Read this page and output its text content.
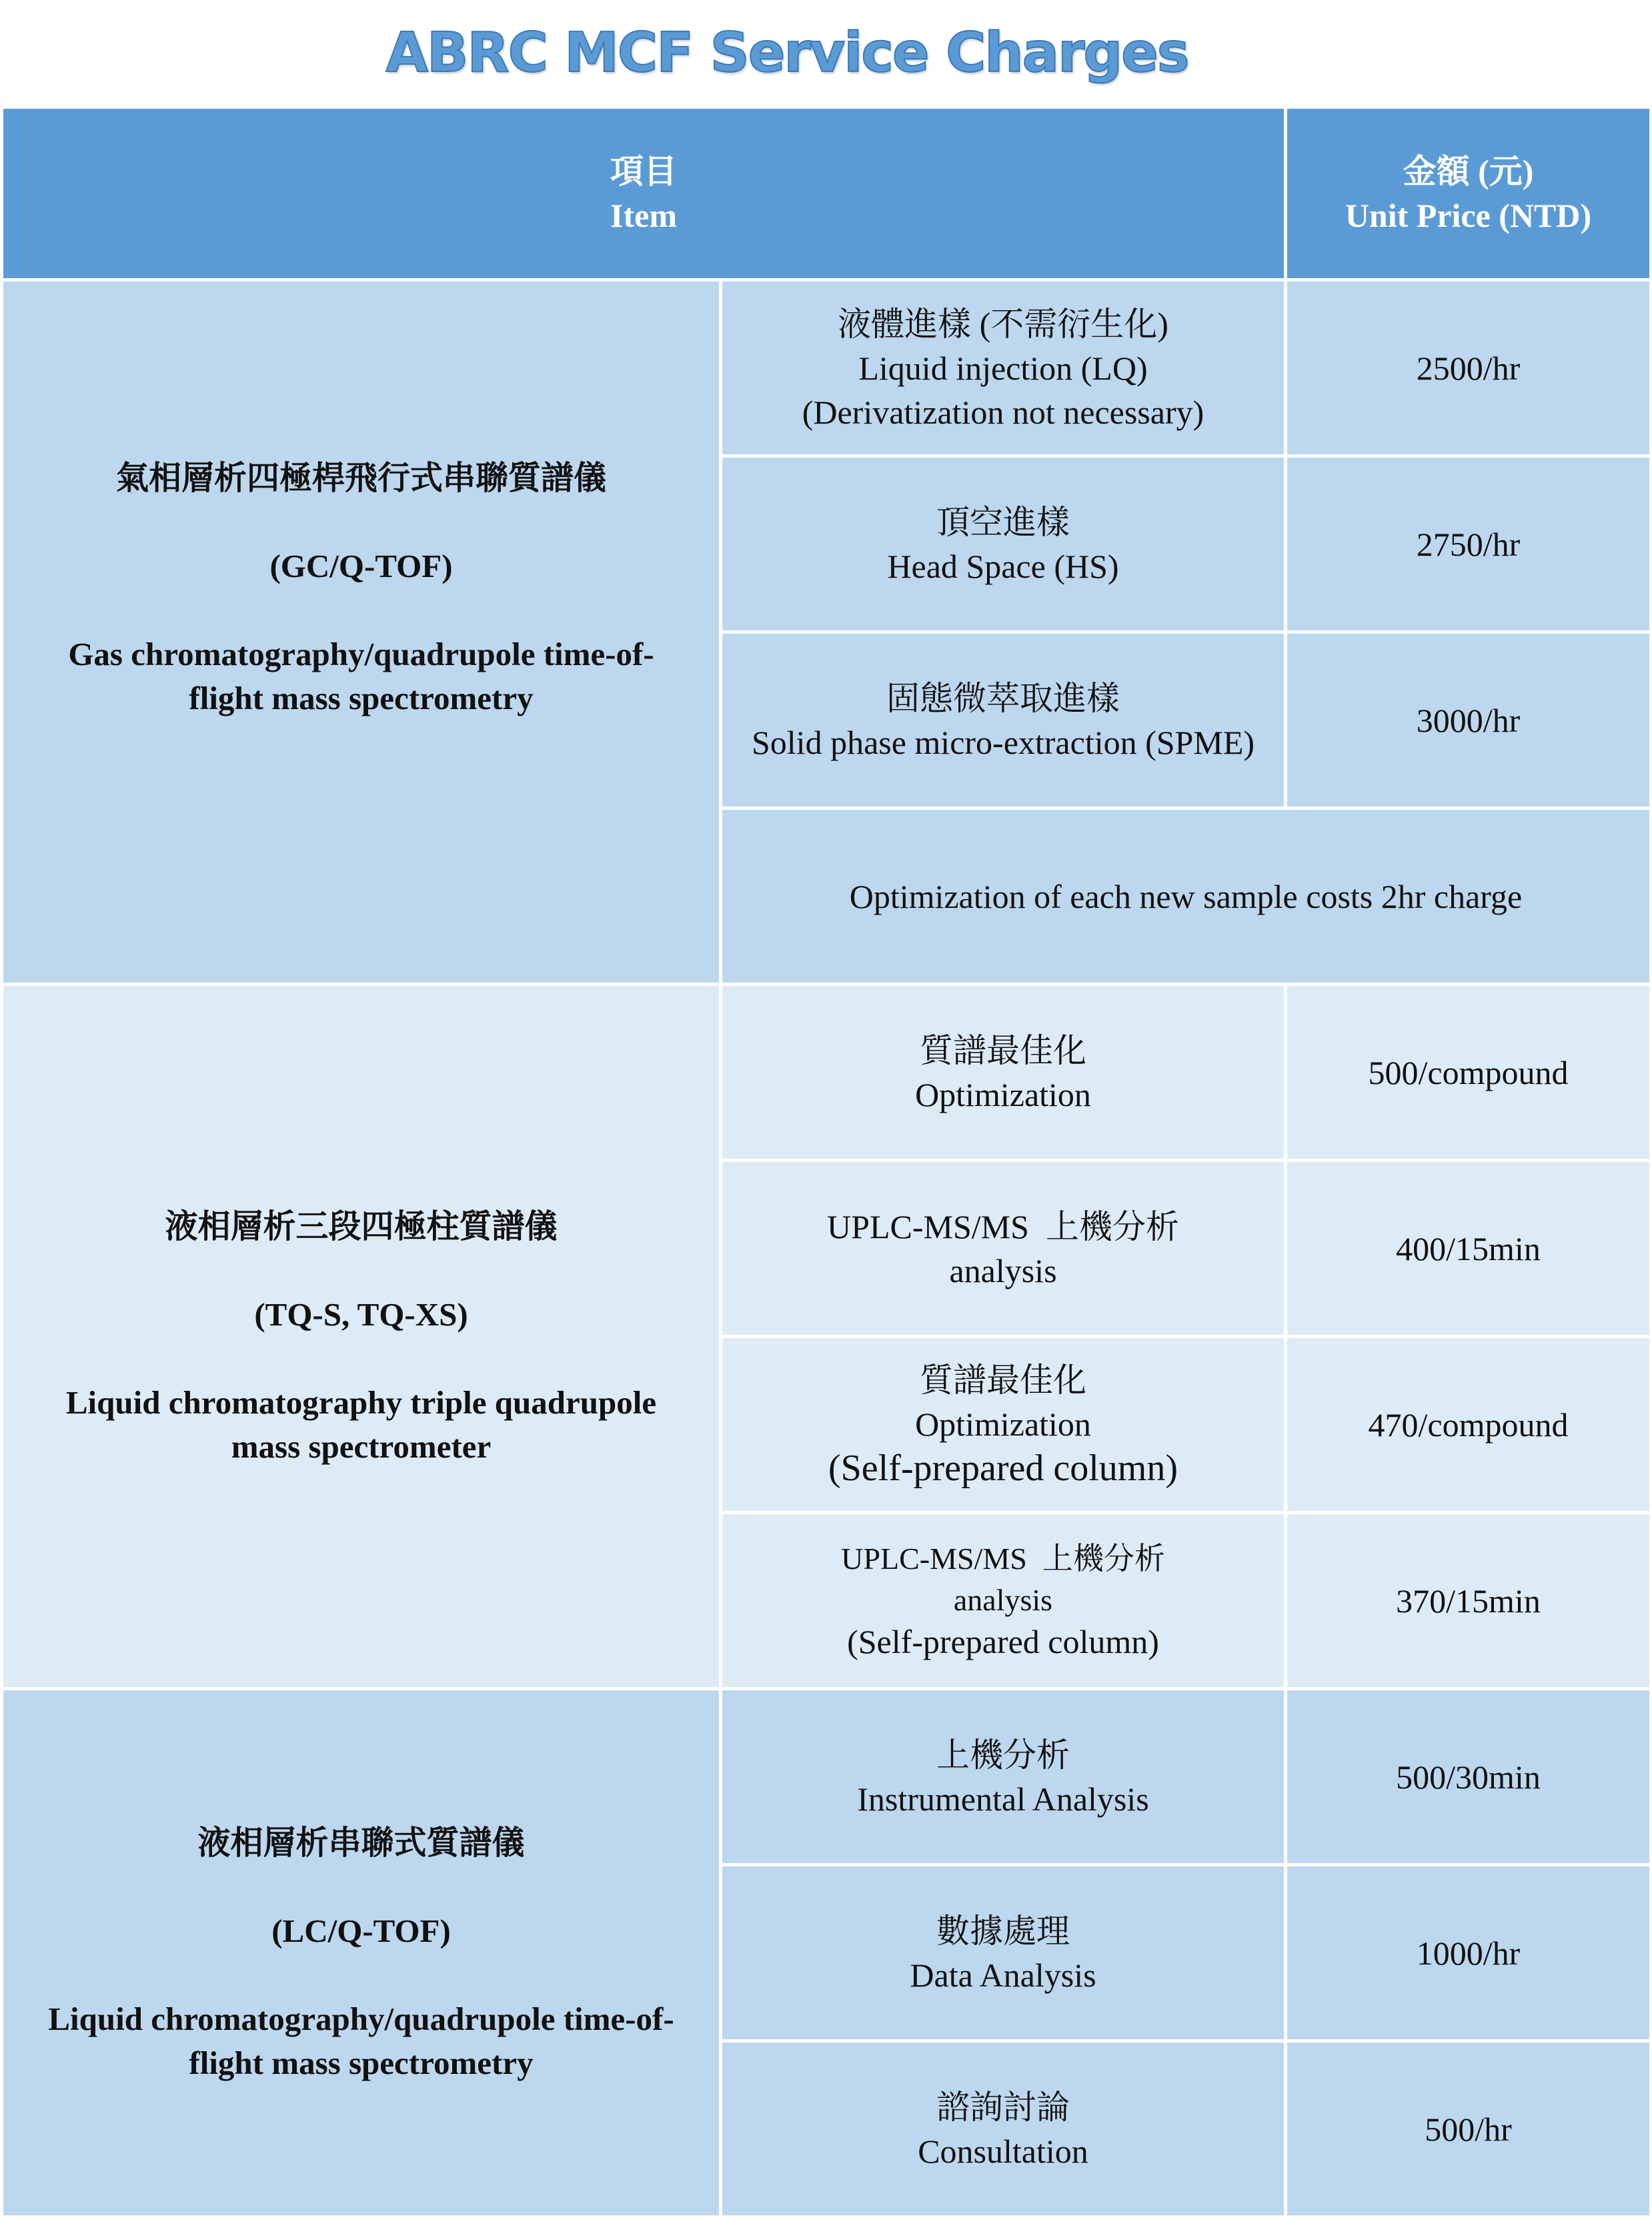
ABRC MCF Service Charges
項目
Item		金額 (元)
Unit Price (NTD)
氣相層析四極桿飛行式串聯質譜儀
(GC/Q-TOF)
Gas chromatography/quadrupole time-of-
flight mass spectrometry	液體進樣 (不需衍生化)
Liquid injection (LQ)
(Derivatization not necessary)	2500/hr
	頂空進樣
Head Space (HS)	2750/hr
	固態微萃取進樣
Solid phase micro-extraction (SPME)	3000/hr
	Optimization of each new sample costs 2hr charge	
液相層析三段四極柱質譜儀
(TQ-S, TQ-XS)
Liquid chromatography triple quadrupole
mass spectrometer	質譜最佳化
Optimization	500/compound
	UPLC-MS/MS  上機分析
analysis	400/15min
	質譜最佳化
Optimization
(Self-prepared column)	470/compound
	UPLC-MS/MS  上機分析
analysis
(Self-prepared column)	370/15min
液相層析串聯式質譜儀
(LC/Q-TOF)
Liquid chromatography/quadrupole time-of-
flight mass spectrometry	上機分析
Instrumental Analysis	500/30min
	數據處理
Data Analysis	1000/hr
	諮詢討論
Consultation	500/hr
